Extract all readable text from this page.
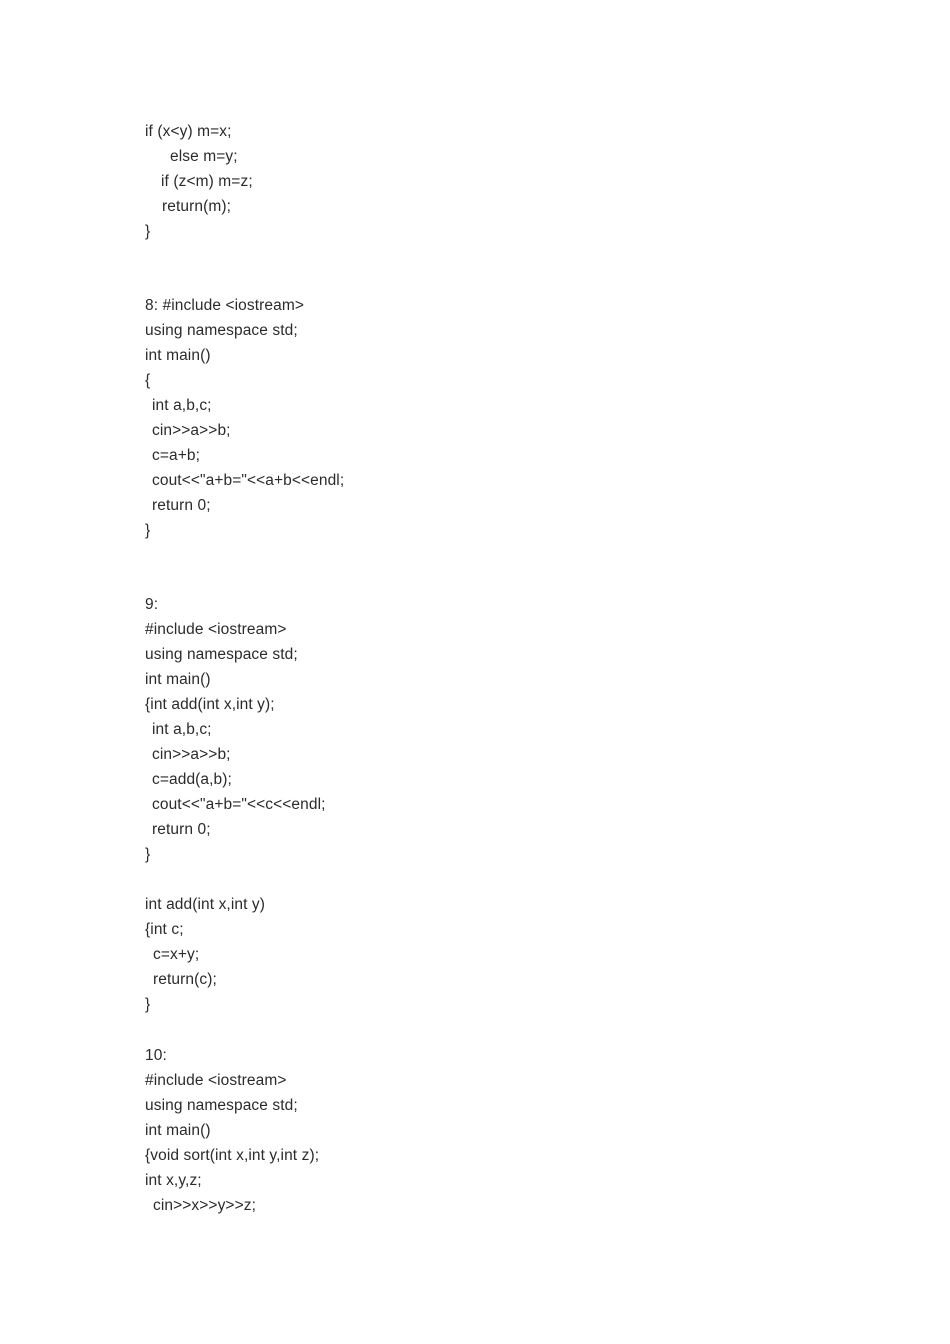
if (x<y) m=x;
else m=y;
if (z<m) m=z;
return(m);
}
8: #include <iostream>
using namespace std;
int main()
{
int a,b,c;
cin>>a>>b;
c=a+b;
cout<<"a+b="<<a+b<<endl;
return 0;
}
9:
#include <iostream>
using namespace std;
int main()
{int add(int x,int y);
int a,b,c;
cin>>a>>b;
c=add(a,b);
cout<<"a+b="<<c<<endl;
return 0;
}
int add(int x,int y)
{int c;
c=x+y;
return(c);
}
10:
#include <iostream>
using namespace std;
int main()
{void sort(int x,int y,int z);
int x,y,z;
cin>>x>>y>>z;
